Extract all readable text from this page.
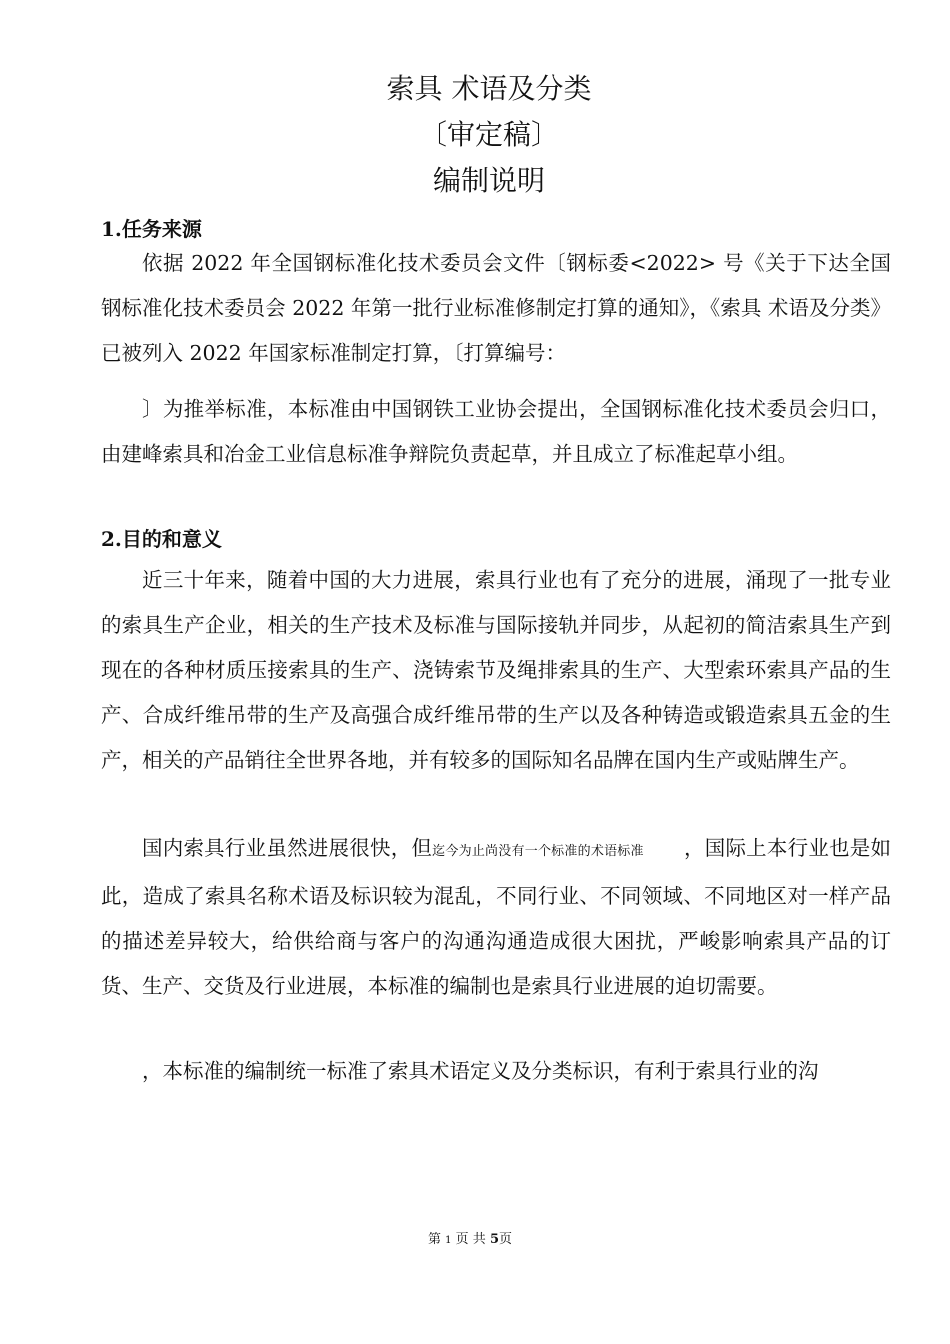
索具 术语及分类
〔审定稿〕
编制说明
1.任务来源
依据 2022 年全国钢标准化技术委员会文件〔钢标委<2022> 号《关于下达全国钢标准化技术委员会 2022 年第一批行业标准修制定打算的通知》，《索具 术语及分类》已被列入 2022 年国家标准制定打算，〔打算编号：
〕为推举标准，本标准由中国钢铁工业协会提出，全国钢标准化技术委员会归口，由建峰索具和冶金工业信息标准争辩院负责起草，并且成立了标准起草小组。
2.目的和意义
近三十年来，随着中国的大力进展，索具行业也有了充分的进展，涌现了一批专业的索具生产企业，相关的生产技术及标准与国际接轨并同步，从起初的简洁索具生产到现在的各种材质压接索具的生产、浇铸索节及绳排索具的生产、大型索环索具产品的生产、合成纤维吊带的生产及高强合成纤维吊带的生产以及各种铸造或锻造索具五金的生产，相关的产品销往全世界各地，并有较多的国际知名品牌在国内生产或贴牌生产。
国内索具行业虽然进展很快，但迄今为止尚没有一个标准的术语标准 ，国际上本行业也是如此，造成了索具名称术语及标识较为混乱，不同行业、不同领域、不同地区对一样产品的描述差异较大，给供给商与客户的沟通沟通造成很大困扰，严峻影响索具产品的订货、生产、交货及行业进展，本标准的编制也是索具行业进展的迫切需要。
，本标准的编制统一标准了索具术语定义及分类标识，有利于索具行业的沟
第 1 页 共 5页
